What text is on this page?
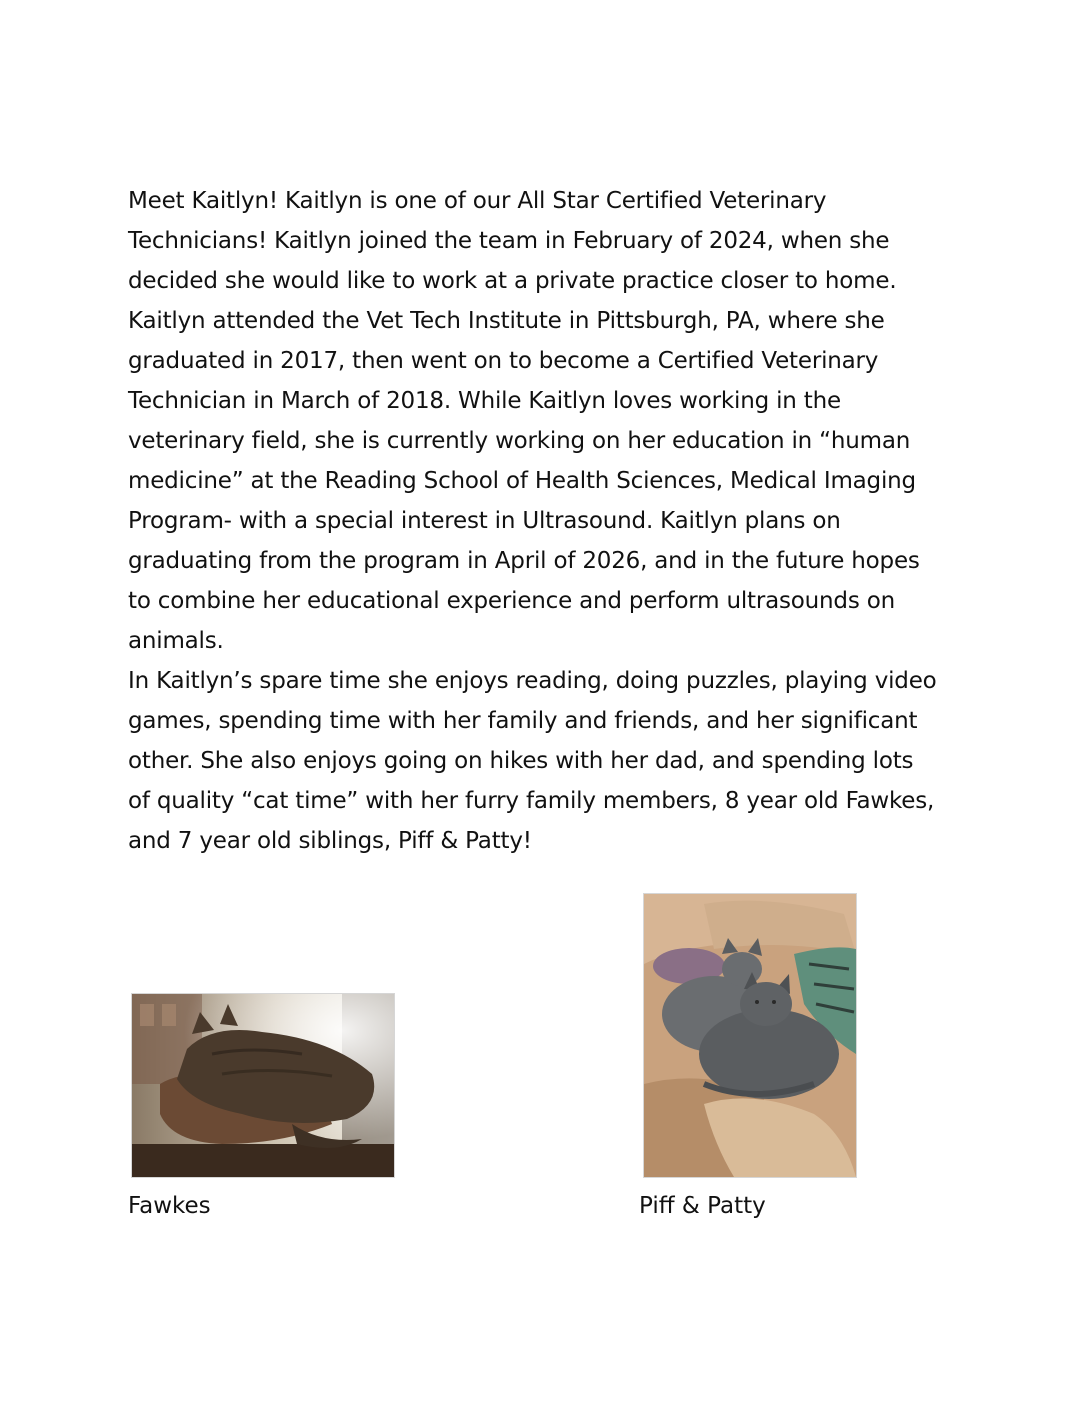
Meet Kaitlyn! Kaitlyn is one of our All Star Certified Veterinary
Technicians! Kaitlyn joined the team in February of 2024, when she
decided she would like to work at a private practice closer to home.
Kaitlyn attended the Vet Tech Institute in Pittsburgh, PA, where she
graduated in 2017, then went on to become a Certified Veterinary
Technician in March of 2018. While Kaitlyn loves working in the
veterinary field, she is currently working on her education in “human
medicine” at the Reading School of Health Sciences, Medical Imaging
Program- with a special interest in Ultrasound. Kaitlyn plans on
graduating from the program in April of 2026, and in the future hopes
to combine her educational experience and perform ultrasounds on
animals.
In Kaitlyn’s spare time she enjoys reading, doing puzzles, playing video
games, spending time with her family and friends, and her significant
other. She also enjoys going on hikes with her dad, and spending lots
of quality “cat time” with her furry family members, 8 year old Fawkes,
and 7 year old siblings, Piff & Patty!
Fawkes	Piff & Patty
